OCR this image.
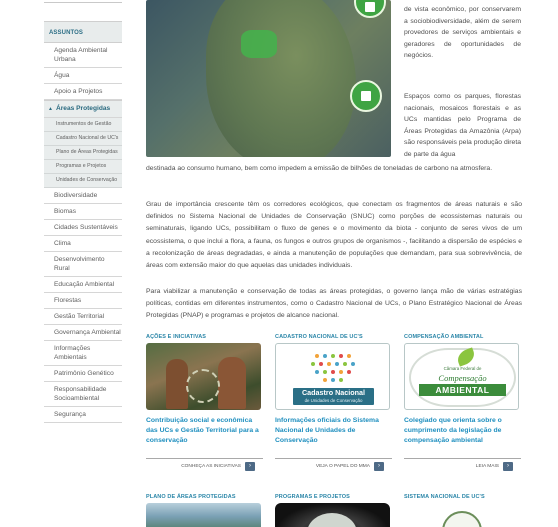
ASSUNTOS
Agenda Ambiental Urbana
Água
Apoio a Projetos
▲ Áreas Protegidas
Instrumentos de Gestão
Cadastro Nacional de UC's
Plano de Áreas Protegidas
Programas e Projetos
Unidades de Conservação
Biodiversidade
Biomas
Cidades Sustentáveis
Clima
Desenvolvimento Rural
Educação Ambiental
Florestas
Gestão Territorial
Governança Ambiental
Informações Ambientais
Patrimônio Genético
Responsabilidade Socioambiental
Segurança

de vista econômico, por conservarem a sociobiodiversidade, além de serem provedores de serviços ambientais e geradores de oportunidades de negócios.

Espaços como os parques, florestas nacionais, mosaicos florestais e as UCs mantidas pelo Programa de Áreas Protegidas da Amazônia (Arpa) são responsáveis pela produção direta de parte da água

destinada ao consumo humano, bem como impedem a emissão de bilhões de toneladas de carbono na atmosfera.

Grau de importância crescente têm os corredores ecológicos, que conectam os fragmentos de áreas naturais e são definidos no Sistema Nacional de Unidades de Conservação (SNUC) como porções de ecossistemas naturais ou seminaturais, ligando UCs, possibilitam o fluxo de genes e o movimento da biota - conjunto de seres vivos de um ecossistema, o que inclui a flora, a fauna, os fungos e outros grupos de organismos -, facilitando a dispersão de espécies e a recolonização de áreas degradadas, e ainda a manutenção de populações que demandam, para sua sobrevivência, de áreas com extensão maior do que aquelas das unidades individuais.

Para viabilizar a manutenção e conservação de todas as áreas protegidas, o governo lança mão de várias estratégias políticas, contidas em diferentes instrumentos, como o Cadastro Nacional de UCs, o Plano Estratégico Nacional de Áreas Protegidas (PNAP) e programas e projetos de alcance nacional.

AÇÕES E INICIATIVAS
Contribuição social e econômica das UCs e Gestão Territorial para a conservação
CONHEÇA AS INICIATIVAS	›
CADASTRO NACIONAL DE UC'S
Cadastro Nacional
de Unidades de Conservação
Informações oficiais do Sistema Nacional de Unidades de Conservação
VEJA O PAPEL DO MMA	›
COMPENSAÇÃO AMBIENTAL
Câmara Federal de
Compensação
AMBIENTAL
Colegiado que orienta sobre o cumprimento da legislação de compensação ambiental
LEIA MAIS	›
PLANO DE ÁREAS PROTEGIDAS	PROGRAMAS E PROJETOS	SISTEMA NACIONAL DE UC'S
